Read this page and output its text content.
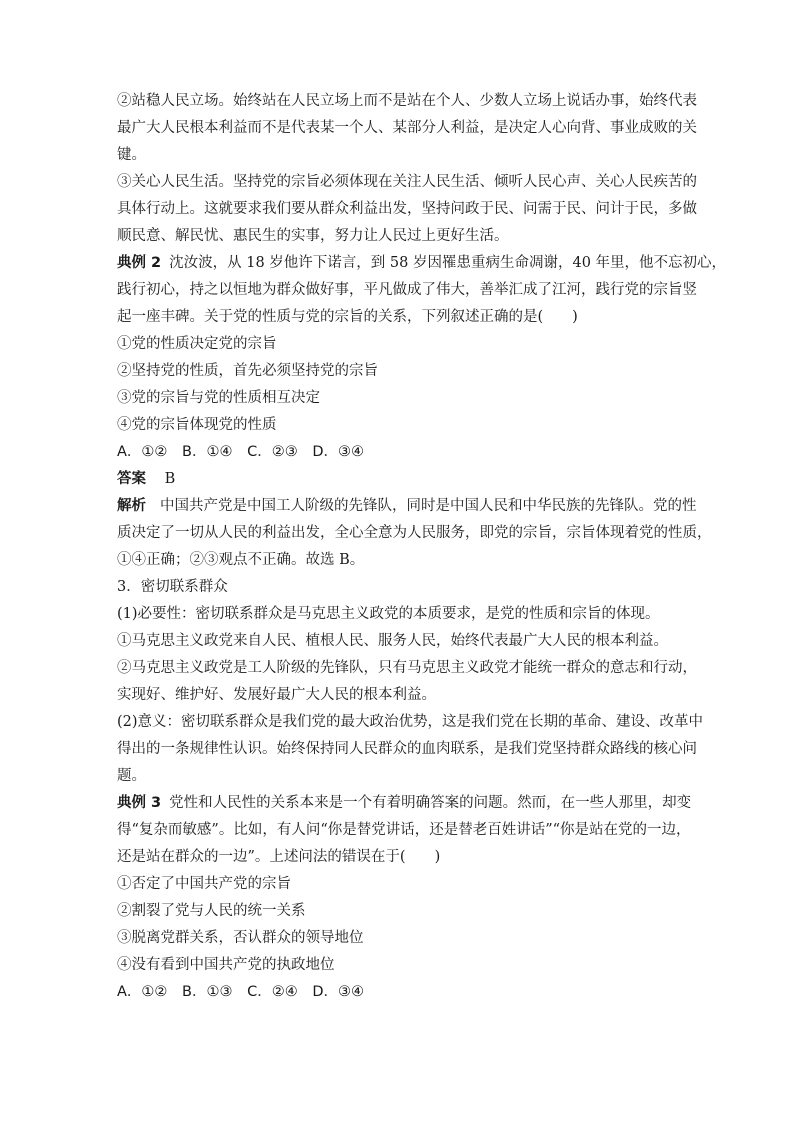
②站稳人民立场。始终站在人民立场上而不是站在个人、少数人立场上说话办事，始终代表
最广大人民根本利益而不是代表某一个人、某部分人利益，是决定人心向背、事业成败的关
键。
③关心人民生活。坚持党的宗旨必须体现在关注人民生活、倾听人民心声、关心人民疾苦的
具体行动上。这就要求我们要从群众利益出发，坚持问政于民、问需于民、问计于民，多做
顺民意、解民忧、惠民生的实事，努力让人民过上更好生活。
典例 2 沈汝波，从 18 岁他许下诺言，到 58 岁因罹患重病生命凋谢，40 年里，他不忘初心，
践行初心，持之以恒地为群众做好事，平凡做成了伟大，善举汇成了江河，践行党的宗旨竖
起一座丰碑。关于党的性质与党的宗旨的关系，下列叙述正确的是(　　)
①党的性质决定党的宗旨
②坚持党的性质，首先必须坚持党的宗旨
③党的宗旨与党的性质相互决定
④党的宗旨体现党的性质
A．①② B．①④ C．②③ D．③④
答案 B
解析 中国共产党是中国工人阶级的先锋队，同时是中国人民和中华民族的先锋队。党的性
质决定了一切从人民的利益出发，全心全意为人民服务，即党的宗旨，宗旨体现着党的性质，
①④正确；②③观点不正确。故选 B。
3．密切联系群众
(1)必要性：密切联系群众是马克思主义政党的本质要求，是党的性质和宗旨的体现。
①马克思主义政党来自人民、植根人民、服务人民，始终代表最广大人民的根本利益。
②马克思主义政党是工人阶级的先锋队，只有马克思主义政党才能统一群众的意志和行动，
实现好、维护好、发展好最广大人民的根本利益。
(2)意义：密切联系群众是我们党的最大政治优势，这是我们党在长期的革命、建设、改革中
得出的一条规律性认识。始终保持同人民群众的血肉联系，是我们党坚持群众路线的核心问
题。
典例 3 党性和人民性的关系本来是一个有着明确答案的问题。然而，在一些人那里，却变
得“复杂而敏感”。比如，有人问“你是替党讲话，还是替老百姓讲话”“你是站在党的一边，
还是站在群众的一边”。上述问法的错误在于(　　)
①否定了中国共产党的宗旨
②割裂了党与人民的统一关系
③脱离党群关系，否认群众的领导地位
④没有看到中国共产党的执政地位
A．①② B．①③ C．②④ D．③④
